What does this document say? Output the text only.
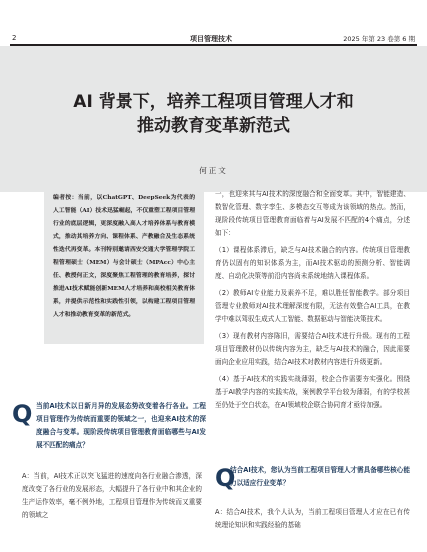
2	项目管理技术	2025 年第 23 卷第 6 期
AI 背景下，培养工程项目管理人才和
推动教育变革新范式
何正文
编者按：当前，以ChatGPT、DeepSeek为代表的人工智能（AI）技术迅猛崛起，不仅重塑工程项目管理行业的底层逻辑，更深度融入高人才培养体系与教育模式，推动其培养方向、课程体系、产教融合及生态系统性迭代再变革。本刊特别邀请西安交通大学管理学院工程管理硕士（MEM）与会计硕士（MPAcc）中心主任、教授何正文，深度聚焦工程管理的教育培养，探讨推进AI技术赋能创新MEM人才培养和高校相关教育体系，并提供示范性和实践性引领，以构建工程项目管理人才和推动教育变革的新范式。
Q 当前AI技术以日新月异的发展态势改变着各行各业。工程项目管理作为传统而重要的领域之一，也迎来AI技术的深度融合与变革。现阶段传统项目管理教育面临哪些与AI发展不匹配的痛点？
A：当前，AI技术正以突飞猛进的速度向各行业融合渗透，深度改变了各行业的发展形态，大幅提升了各行业中和其企业的生产运作效率，毫不例外地，工程项目管理作为传统而又重要的领域之
一，也迎来其与AI技术的深度融合和全面变革。其中，智能建造、数智化管理、数字孪生、多模态交互等成为该领域的热点。然而，现阶段传统项目管理教育面临着与AI发展不匹配的4个痛点，分述如下：
（1）课程体系滞后，缺乏与AI技术融合的内容。传统项目管理教育仍以固有的知识体系为主，而AI技术驱动的预测分析、智能调度、自动化决策等前沿内容尚未系统地纳入课程体系。
（2）教师AI专业能力及素养不足，难以胜任智能教学。部分项目管理专业教师对AI技术理解深度有限，无法有效整合AI工具，在教学中难以驾驭生成式人工智能、数据驱动与智能决策技术。
（3）现有教材内容陈旧，需要结合AI技术进行升级。现有的工程项目管理教材仍以传统内容为主，缺乏与AI技术的融合，因此需要面向企业应用实践，结合AI技术对教材内容进行升级更新。
（4）基于AI技术的实践实战薄弱，校企合作需要夯实强化。围绕基于AI教学内容的实践实战，案例教学平台较为薄弱，有的学校甚至仍处于空白状态，在AI领域校企联合协同育才亟待加强。
Q
结合AI技术，您认为当前工程项目管理人才需具备哪些核心能力以适应行业变革？
A：结合AI技术，我个人认为，当前工程项目管理人才应在已有传统理论知识和实践经验的基础
